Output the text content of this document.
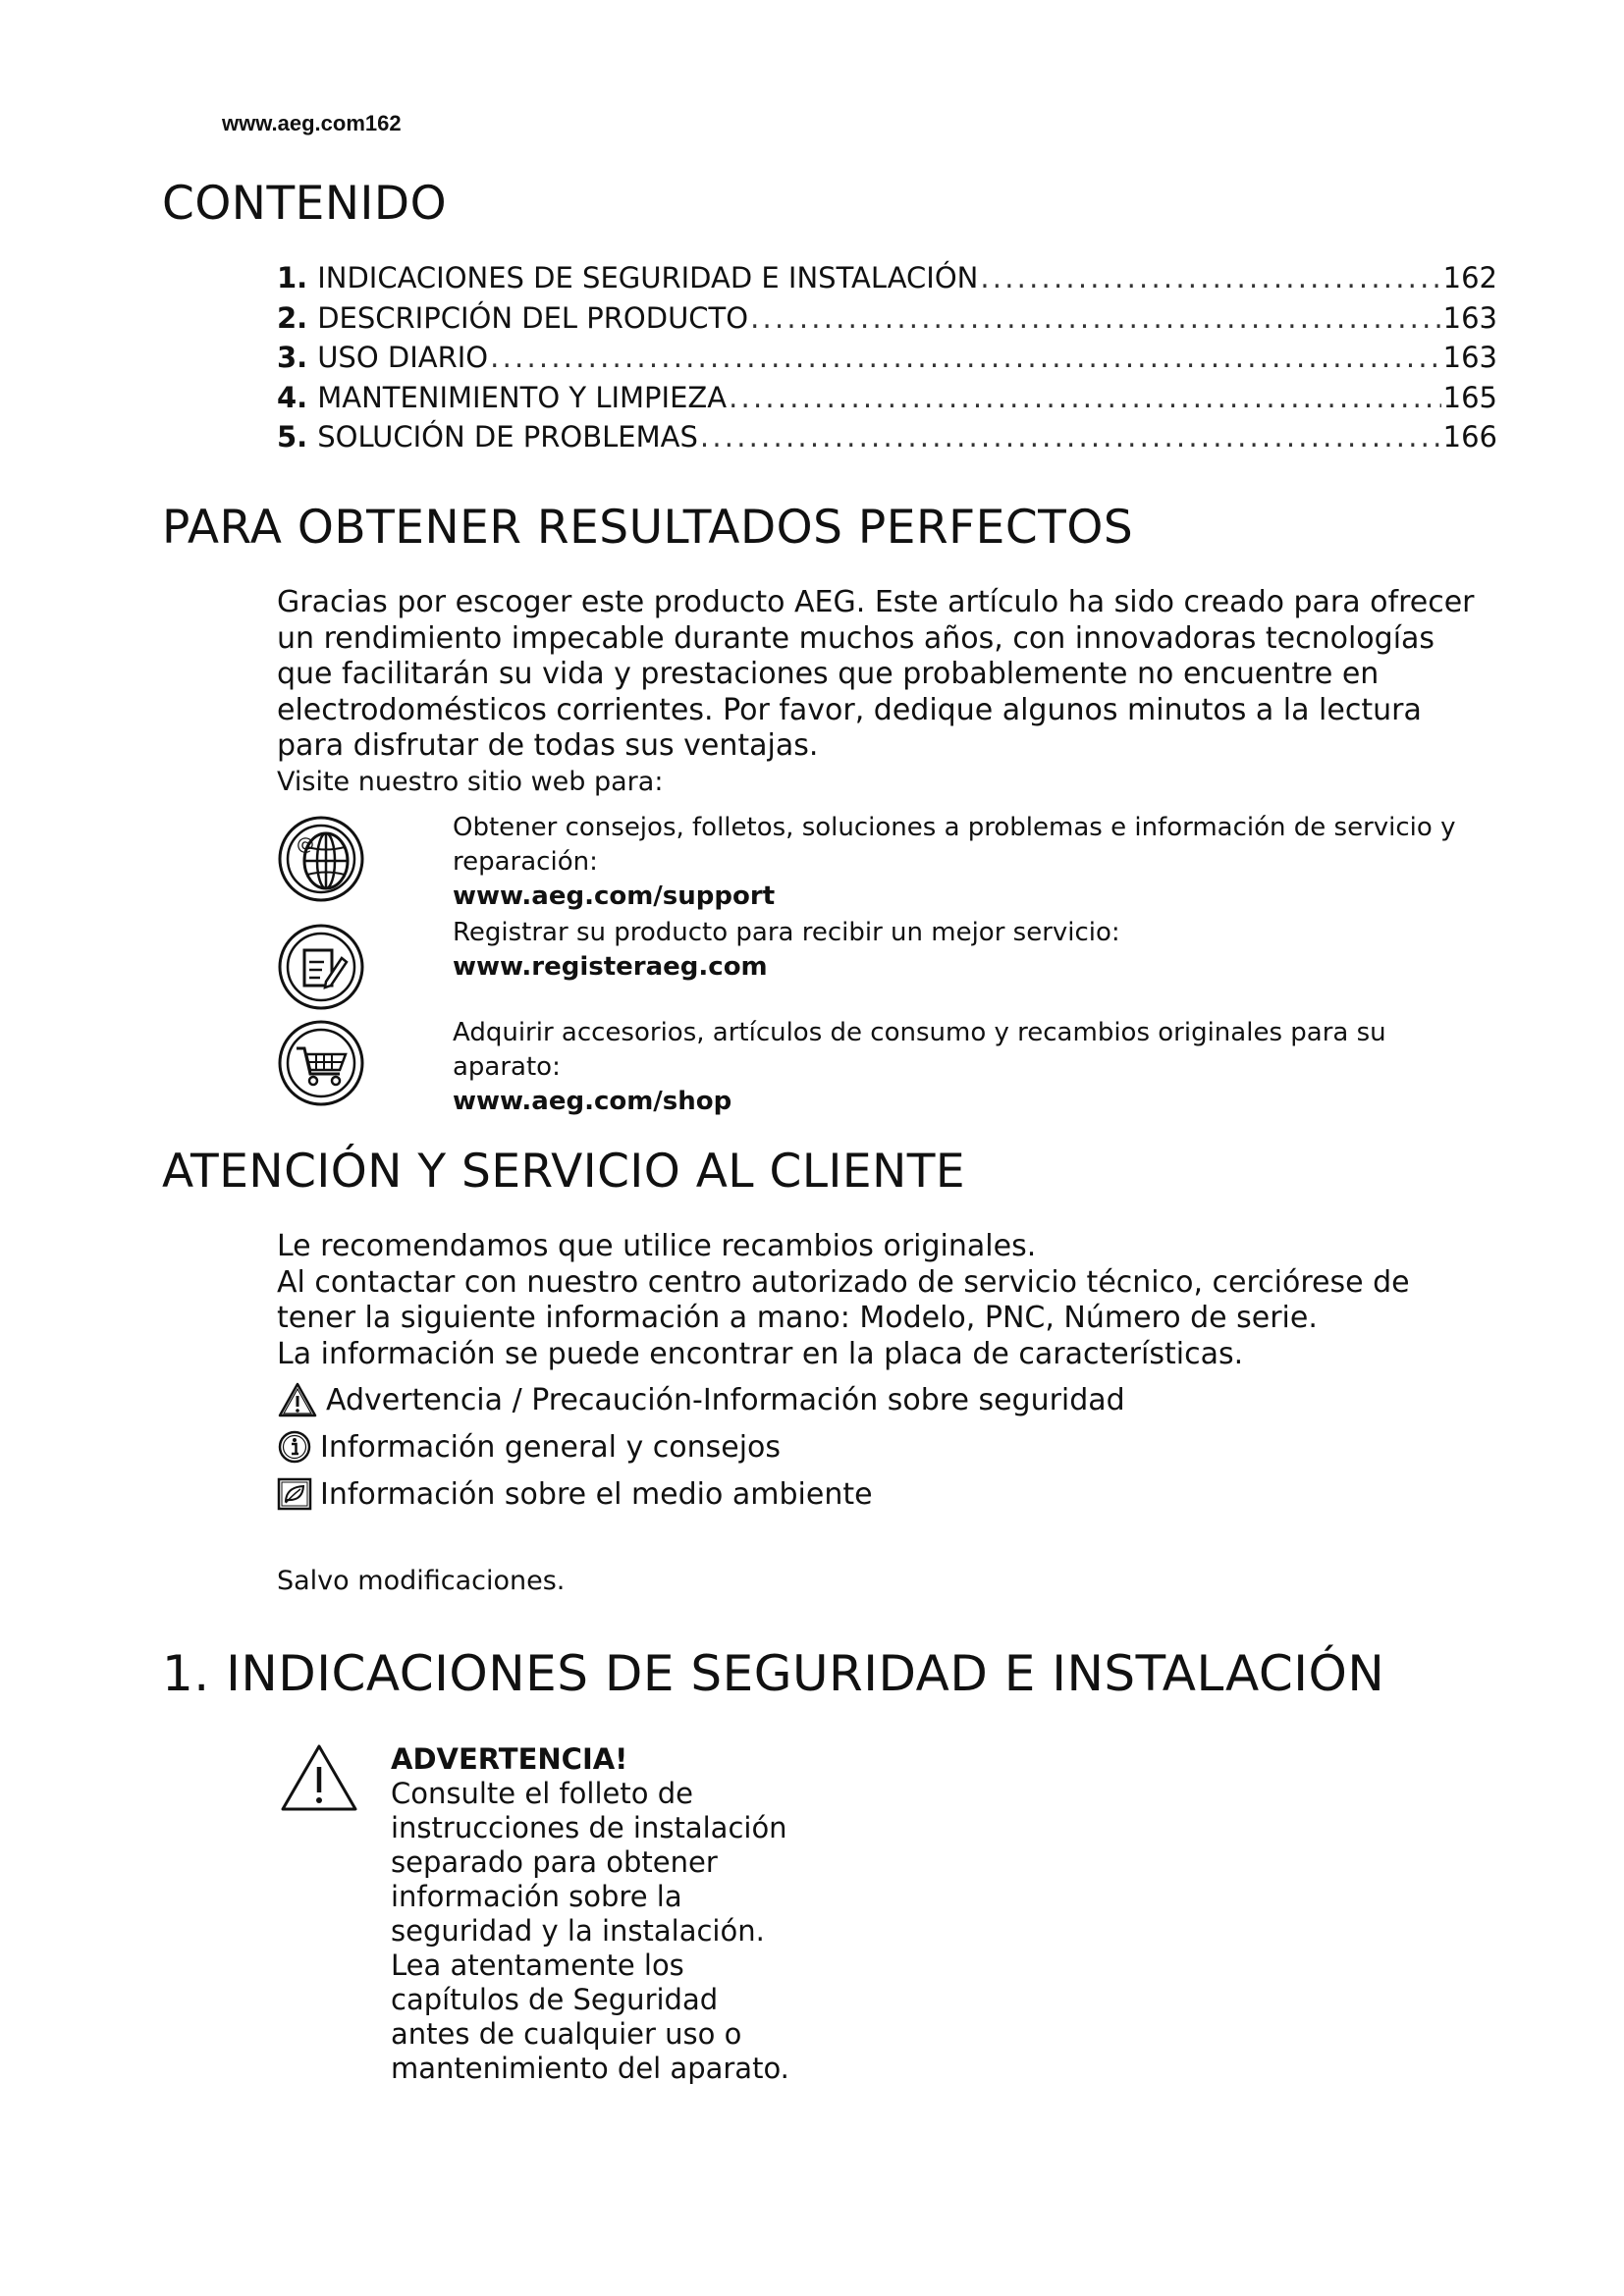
www.aeg.com162
CONTENIDO
1. INDICACIONES DE SEGURIDAD E INSTALACIÓN . . .	162
2. DESCRIPCIÓN DEL PRODUCTO . . .	163
3. USO DIARIO . . .	163
4. MANTENIMIENTO Y LIMPIEZA . . .	165
5. SOLUCIÓN DE PROBLEMAS . . .	166
PARA OBTENER RESULTADOS PERFECTOS

Gracias por escoger este producto AEG. Este artículo ha sido creado para ofrecer
un rendimiento impecable durante muchos años, con innovadoras tecnologías
que facilitarán su vida y prestaciones que probablemente no encuentre en
electrodomésticos corrientes. Por favor, dedique algunos minutos a la lectura
para disfrutar de todas sus ventajas.

Visite nuestro sitio web para:

@

Obtener consejos, folletos, soluciones a problemas e información de servicio y
reparación:
www.aeg.com/support

Registrar su producto para recibir un mejor servicio:
www.registeraeg.com

Adquirir accesorios, artículos de consumo y recambios originales para su
aparato:
www.aeg.com/shop

ATENCIÓN Y SERVICIO AL CLIENTE

Le recomendamos que utilice recambios originales.
Al contactar con nuestro centro autorizado de servicio técnico, cerciórese de
tener la siguiente información a mano: Modelo, PNC, Número de serie.
La información se puede encontrar en la placa de características.

Advertencia / Precaución-Información sobre seguridad
Información general y consejos
Información sobre el medio ambiente

Salvo modificaciones.

1. INDICACIONES DE SEGURIDAD E INSTALACIÓN

ADVERTENCIA!
Consulte el folleto de
instrucciones de instalación
separado para obtener
información sobre la
seguridad y la instalación.
Lea atentamente los
capítulos de Seguridad
antes de cualquier uso o
mantenimiento del aparato.
